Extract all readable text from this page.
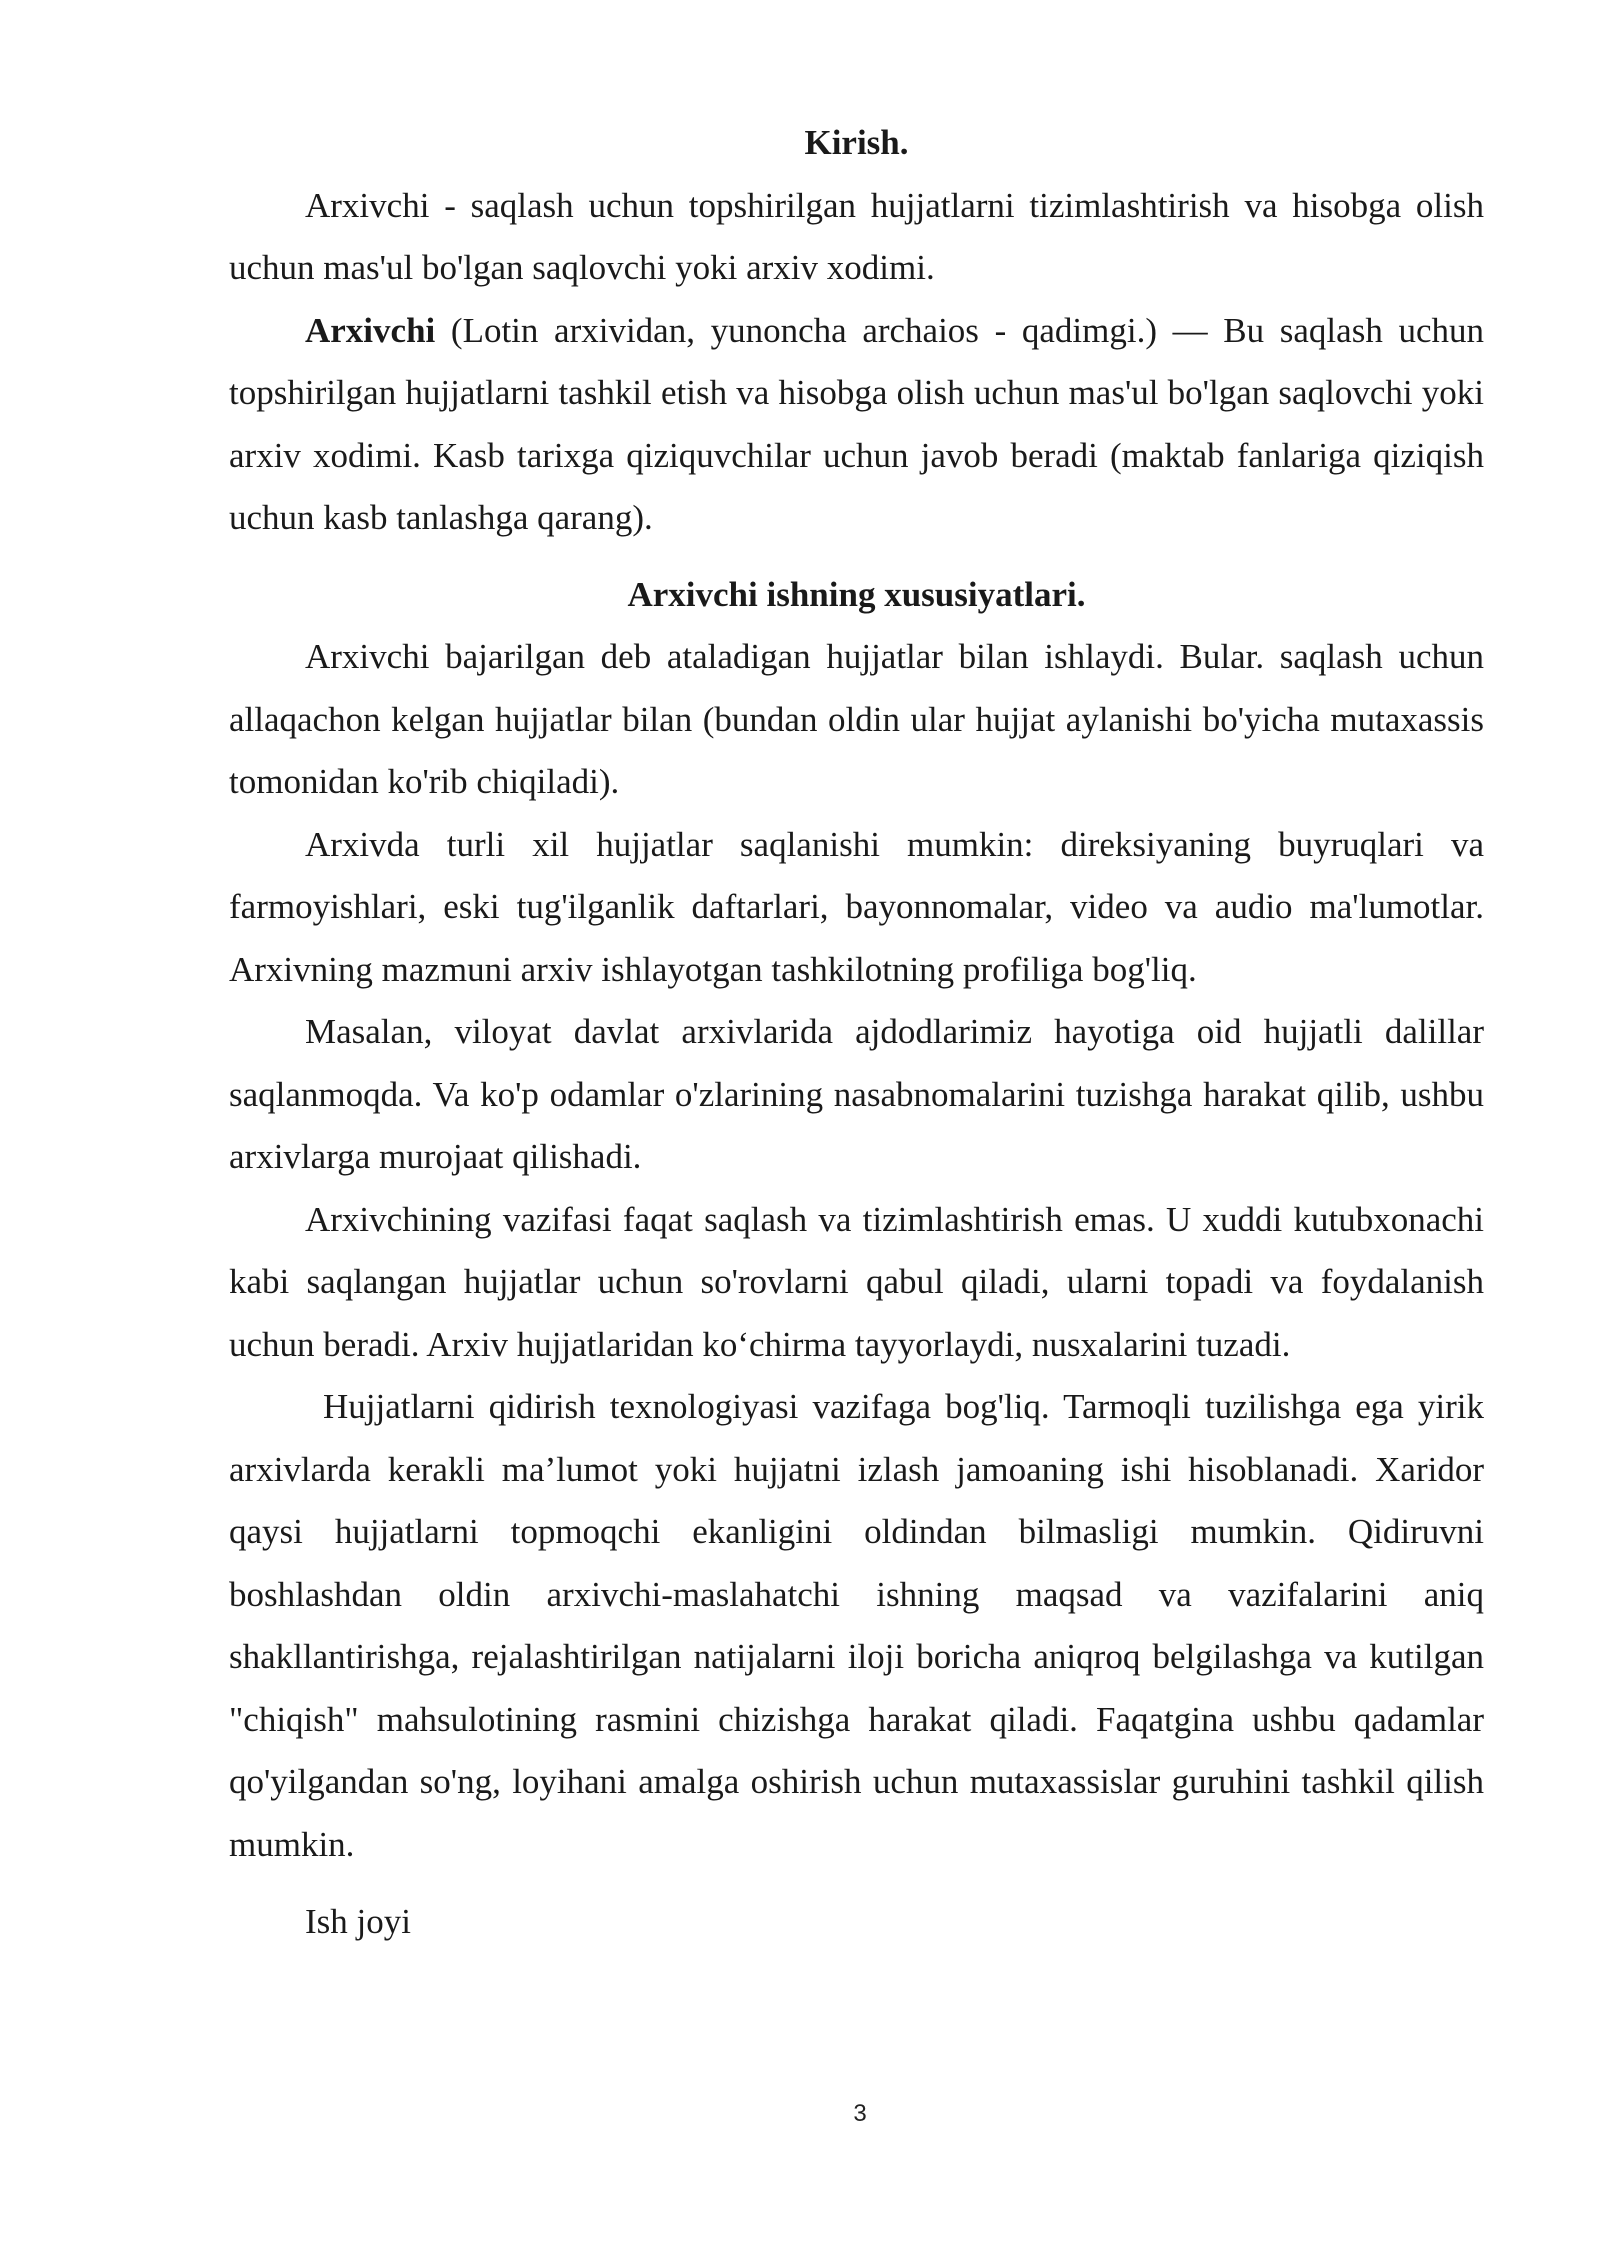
Kirish.

Arxivchi - saqlash uchun topshirilgan hujjatlarni tizimlashtirish va hisobga olish uchun mas'ul bo'lgan saqlovchi yoki arxiv xodimi.

Arxivchi (Lotin arxividan, yunoncha archaios - qadimgi.) — Bu saqlash uchun topshirilgan hujjatlarni tashkil etish va hisobga olish uchun mas'ul bo'lgan saqlovchi yoki arxiv xodimi. Kasb tarixga qiziquvchilar uchun javob beradi (maktab fanlariga qiziqish uchun kasb tanlashga qarang).

Arxivchi ishning xususiyatlari.

Arxivchi bajarilgan deb ataladigan hujjatlar bilan ishlaydi. Bular. saqlash uchun allaqachon kelgan hujjatlar bilan (bundan oldin ular hujjat aylanishi bo'yicha mutaxassis tomonidan ko'rib chiqiladi).

Arxivda turli xil hujjatlar saqlanishi mumkin: direksiyaning buyruqlari va farmoyishlari, eski tug'ilganlik daftarlari, bayonnomalar, video va audio ma'lumotlar. Arxivning mazmuni arxiv ishlayotgan tashkilotning profiliga bog'liq.

Masalan, viloyat davlat arxivlarida ajdodlarimiz hayotiga oid hujjatli dalillar saqlanmoqda. Va ko'p odamlar o'zlarining nasabnomalarini tuzishga harakat qilib, ushbu arxivlarga murojaat qilishadi.

Arxivchining vazifasi faqat saqlash va tizimlashtirish emas. U xuddi kutubxonachi kabi saqlangan hujjatlar uchun so'rovlarni qabul qiladi, ularni topadi va foydalanish uchun beradi. Arxiv hujjatlaridan koʻchirma tayyorlaydi, nusxalarini tuzadi.

Hujjatlarni qidirish texnologiyasi vazifaga bog'liq. Tarmoqli tuzilishga ega yirik arxivlarda kerakli ma’lumot yoki hujjatni izlash jamoaning ishi hisoblanadi. Xaridor qaysi hujjatlarni topmoqchi ekanligini oldindan bilmasligi mumkin. Qidiruvni boshlashdan oldin arxivchi-maslahatchi ishning maqsad va vazifalarini aniq shakllantirishga, rejalashtirilgan natijalarni iloji boricha aniqroq belgilashga va kutilgan "chiqish" mahsulotining rasmini chizishga harakat qiladi. Faqatgina ushbu qadamlar qo'yilgandan so'ng, loyihani amalga oshirish uchun mutaxassislar guruhini tashkil qilish mumkin.

Ish joyi

3
